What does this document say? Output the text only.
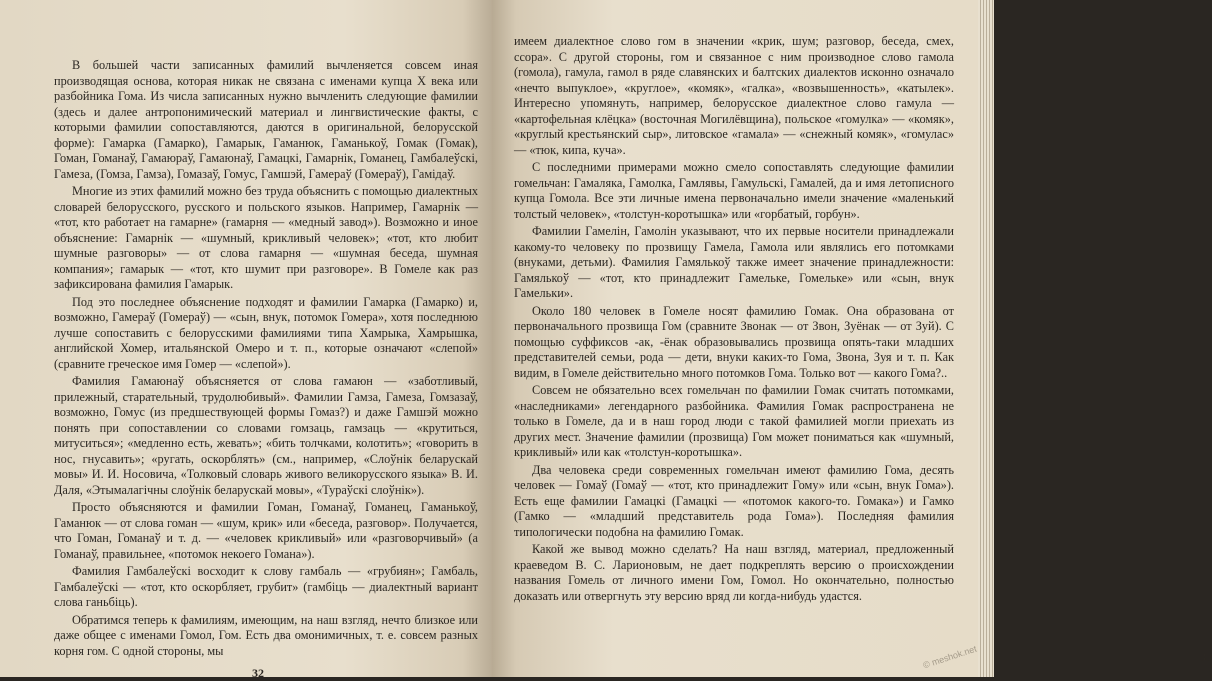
В большей части записанных фамилий вычленяется совсем иная производящая основа, которая никак не связана с именами купца X века или разбойника Гома. Из числа записанных нужно вычленить следующие фамилии (здесь и далее антропонимический материал и лингвистические факты, с которыми фамилии сопоставляются, даются в оригинальной, белорусской форме): Гамарка (Гамарко), Гамарык, Гаманюк, Гаманькоў, Гомак (Гомак), Гоман, Гоманаў, Гамаюраў, Гамаюнаў, Гамацкі, Гамарнік, Гоманец, Гамбалеўскі, Гамеза, (Гомза, Гамза), Гомазаў, Гомус, Гамшэй, Гамераў (Гомераў), Гамідаў.

Многие из этих фамилий можно без труда объяснить с помощью диалектных словарей белорусского, русского и польского языков. Например, Гамарнік — «тот, кто работает на гамарне» (гамарня — «медный завод»). Возможно и иное объяснение: Гамарнік — «шумный, крикливый человек»; «тот, кто любит шумные разговоры» — от слова гамарня — «шумная беседа, шумная компания»; гамарык — «тот, кто шумит при разговоре». В Гомеле как раз зафиксирована фамилия Гамарык.

Под это последнее объяснение подходят и фамилии Гамарка (Гамарко) и, возможно, Гамераў (Гомераў) — «сын, внук, потомок Гомера», хотя последнюю лучше сопоставить с белорусскими фамилиями типа Хамрыка, Хамрышка, английской Хомер, итальянской Омеро и т. п., которые означают «слепой» (сравните греческое имя Гомер — «слепой»).

Фамилия Гамаюнаў объясняется от слова гамаюн — «заботливый, прилежный, старательный, трудолюбивый». Фамилии Гамза, Гамеза, Гомзазаў, возможно, Гомус (из предшествующей формы Гомаз?) и даже Гамшэй можно понять при сопоставлении со словами гомзаць, гамзаць — «крутиться, митуситься»; «медленно есть, жевать»; «бить толчками, колотить»; «говорить в нос, гнусавить»; «ругать, оскорблять» (см., например, «Слоўнік беларускай мовы» И. И. Носовича, «Толковый словарь живого великорусского языка» В. И. Даля, «Этымалагічны слоўнік беларускай мовы», «Тураўскі слоўнік»).

Просто объясняются и фамилии Гоман, Гоманаў, Гоманец, Гаманькоў, Гаманюк — от слова гоман — «шум, крик» или «беседа, разговор». Получается, что Гоман, Гоманаў и т. д. — «человек крикливый» или «разговорчивый» (а Гоманаў, правильнее, «потомок некоего Гомана»).

Фамилия Гамбалеўскі восходит к слову гамбаль — «грубиян»; Гамбаль, Гамбалеўскі — «тот, кто оскорбляет, грубит» (гамбіць — диалектный вариант слова ганьбіць).

Обратимся теперь к фамилиям, имеющим, на наш взгляд, нечто близкое или даже общее с именами Гомол, Гом. Есть два омонимичных, т. е. совсем разных корня гом. С одной стороны, мы

32

имеем диалектное слово гом в значении «крик, шум; разговор, беседа, смех, ссора». С другой стороны, гом и связанное с ним производное слово гамола (гомола), гамула, гамол в ряде славянских и балтских диалектов исконно означало «нечто выпуклое», «круглое», «комяк», «галка», «возвышенность», «катылек». Интересно упомянуть, например, белорусское диалектное слово гамула — «картофельная клёцка» (восточная Могилёвщина), польское «гомулка» — «комяк», «круглый крестьянский сыр», литовское «гамала» — «снежный комяк», «гомулас» — «тюк, кипа, куча».

С последними примерами можно смело сопоставлять следующие фамилии гомельчан: Гамаляка, Гамолка, Гамлявы, Гамульскі, Гамалей, да и имя летописного купца Гомола. Все эти личные имена первоначально имели значение «маленький толстый человек», «толстун-коротышка» или «горбатый, горбун».

Фамилии Гамелін, Гамолін указывают, что их первые носители принадлежали какому-то человеку по прозвищу Гамела, Гамола или являлись его потомками (внуками, детьми). Фамилия Гамялькоў также имеет значение принадлежности: Гамялькоў — «тот, кто принадлежит Гамельке, Гомельке» или «сын, внук Гамельки».

Около 180 человек в Гомеле носят фамилию Гомак. Она образована от первоначального прозвища Гом (сравните Звонак — от Звон, Зуёнак — от Зуй). С помощью суффиксов -ак, -ёнак образовывались прозвища опять-таки младших представителей семьи, рода — дети, внуки каких-то Гома, Звона, Зуя и т. п. Как видим, в Гомеле действительно много потомков Гома. Только вот — какого Гома?..

Совсем не обязательно всех гомельчан по фамилии Гомак считать потомками, «наследниками» легендарного разбойника. Фамилия Гомак распространена не только в Гомеле, да и в наш город люди с такой фамилией могли приехать из других мест. Значение фамилии (прозвища) Гом может пониматься как «шумный, крикливый» или как «толстун-коротышка».

Два человека среди современных гомельчан имеют фамилию Гома, десять человек — Гомаў (Гомаў — «тот, кто принадлежит Гому» или «сын, внук Гома»). Есть еще фамилии Гамацкі (Гамацкі — «потомок какого-то. Гомака») и Гамко (Гамко — «младший представитель рода Гома»). Последняя фамилия типологически подобна на фамилию Гомак.

Какой же вывод можно сделать? На наш взгляд, материал, предложенный краеведом В. С. Ларионовым, не дает подкреплять версию о происхождении названия Гомель от личного имени Гом, Гомол. Но окончательно, полностью доказать или отвергнуть эту версию вряд ли когда-нибудь удастся.

33
© meshok.net
